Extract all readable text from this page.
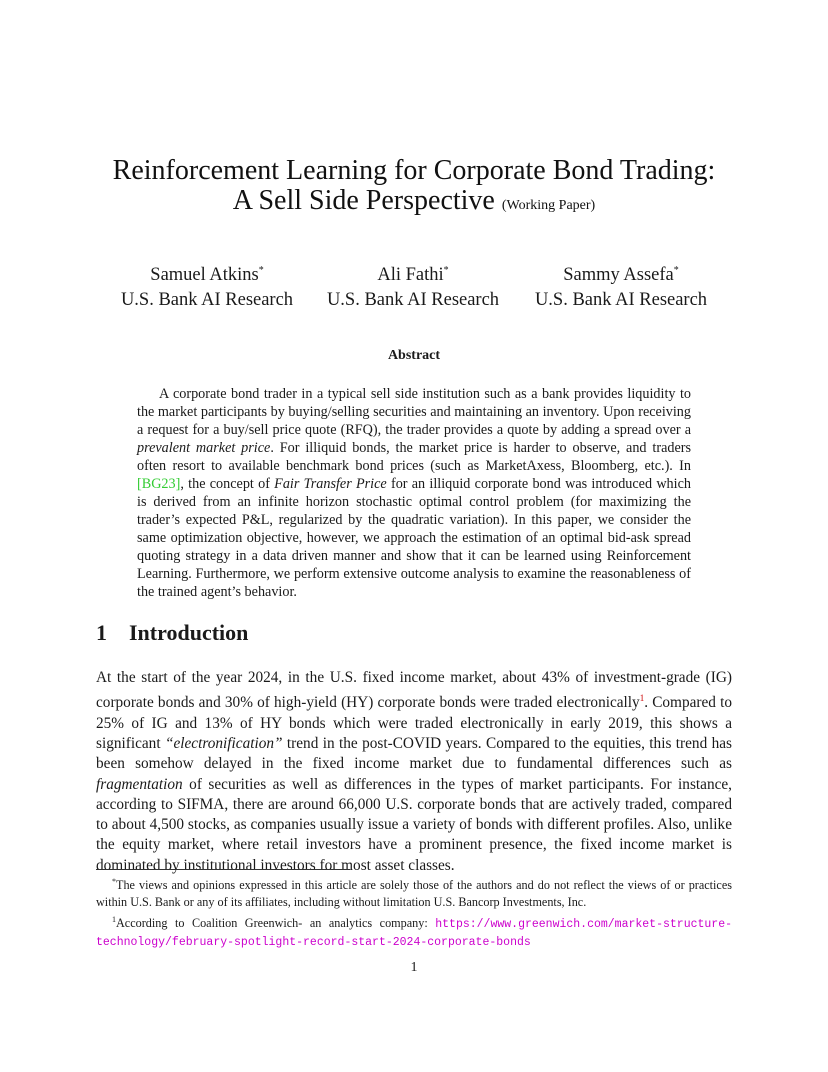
Reinforcement Learning for Corporate Bond Trading:
A Sell Side Perspective (Working Paper)
Samuel Atkins*
U.S. Bank AI Research
Ali Fathi*
U.S. Bank AI Research
Sammy Assefa*
U.S. Bank AI Research
Abstract

A corporate bond trader in a typical sell side institution such as a bank provides liquidity to the market participants by buying/selling securities and maintaining an inventory. Upon receiving a request for a buy/sell price quote (RFQ), the trader provides a quote by adding a spread over a prevalent market price. For illiquid bonds, the market price is harder to observe, and traders often resort to available benchmark bond prices (such as MarketAxess, Bloomberg, etc.). In [BG23], the concept of Fair Transfer Price for an illiquid corporate bond was introduced which is derived from an infinite horizon stochastic optimal control problem (for maximizing the trader’s expected P&L, regularized by the quadratic variation). In this paper, we consider the same optimization objective, however, we approach the estimation of an optimal bid-ask spread quoting strategy in a data driven manner and show that it can be learned using Reinforcement Learning. Furthermore, we perform extensive outcome analysis to examine the reasonableness of the trained agent’s behavior.

1 Introduction

At the start of the year 2024, in the U.S. fixed income market, about 43% of investment-grade (IG) corporate bonds and 30% of high-yield (HY) corporate bonds were traded electronically$^1$. Compared to 25% of IG and 13% of HY bonds which were traded electronically in early 2019, this shows a significant “electronification” trend in the post-COVID years. Compared to the equities, this trend has been somehow delayed in the fixed income market due to fundamental differences such as fragmentation of securities as well as differences in the types of market participants. For instance, according to SIFMA, there are around 66,000 U.S. corporate bonds that are actively traded, compared to about 4,500 stocks, as companies usually issue a variety of bonds with different profiles. Also, unlike the equity market, where retail investors have a prominent presence, the fixed income market is dominated by institutional investors for most asset classes.

*The views and opinions expressed in this article are solely those of the authors and do not reflect the views of or practices within U.S. Bank or any of its affiliates, including without limitation U.S. Bancorp Investments, Inc.

$^1$According to Coalition Greenwich- an analytics company: https://www.greenwich.com/market-structure-technology/february-spotlight-record-start-2024-corporate-bonds

1
